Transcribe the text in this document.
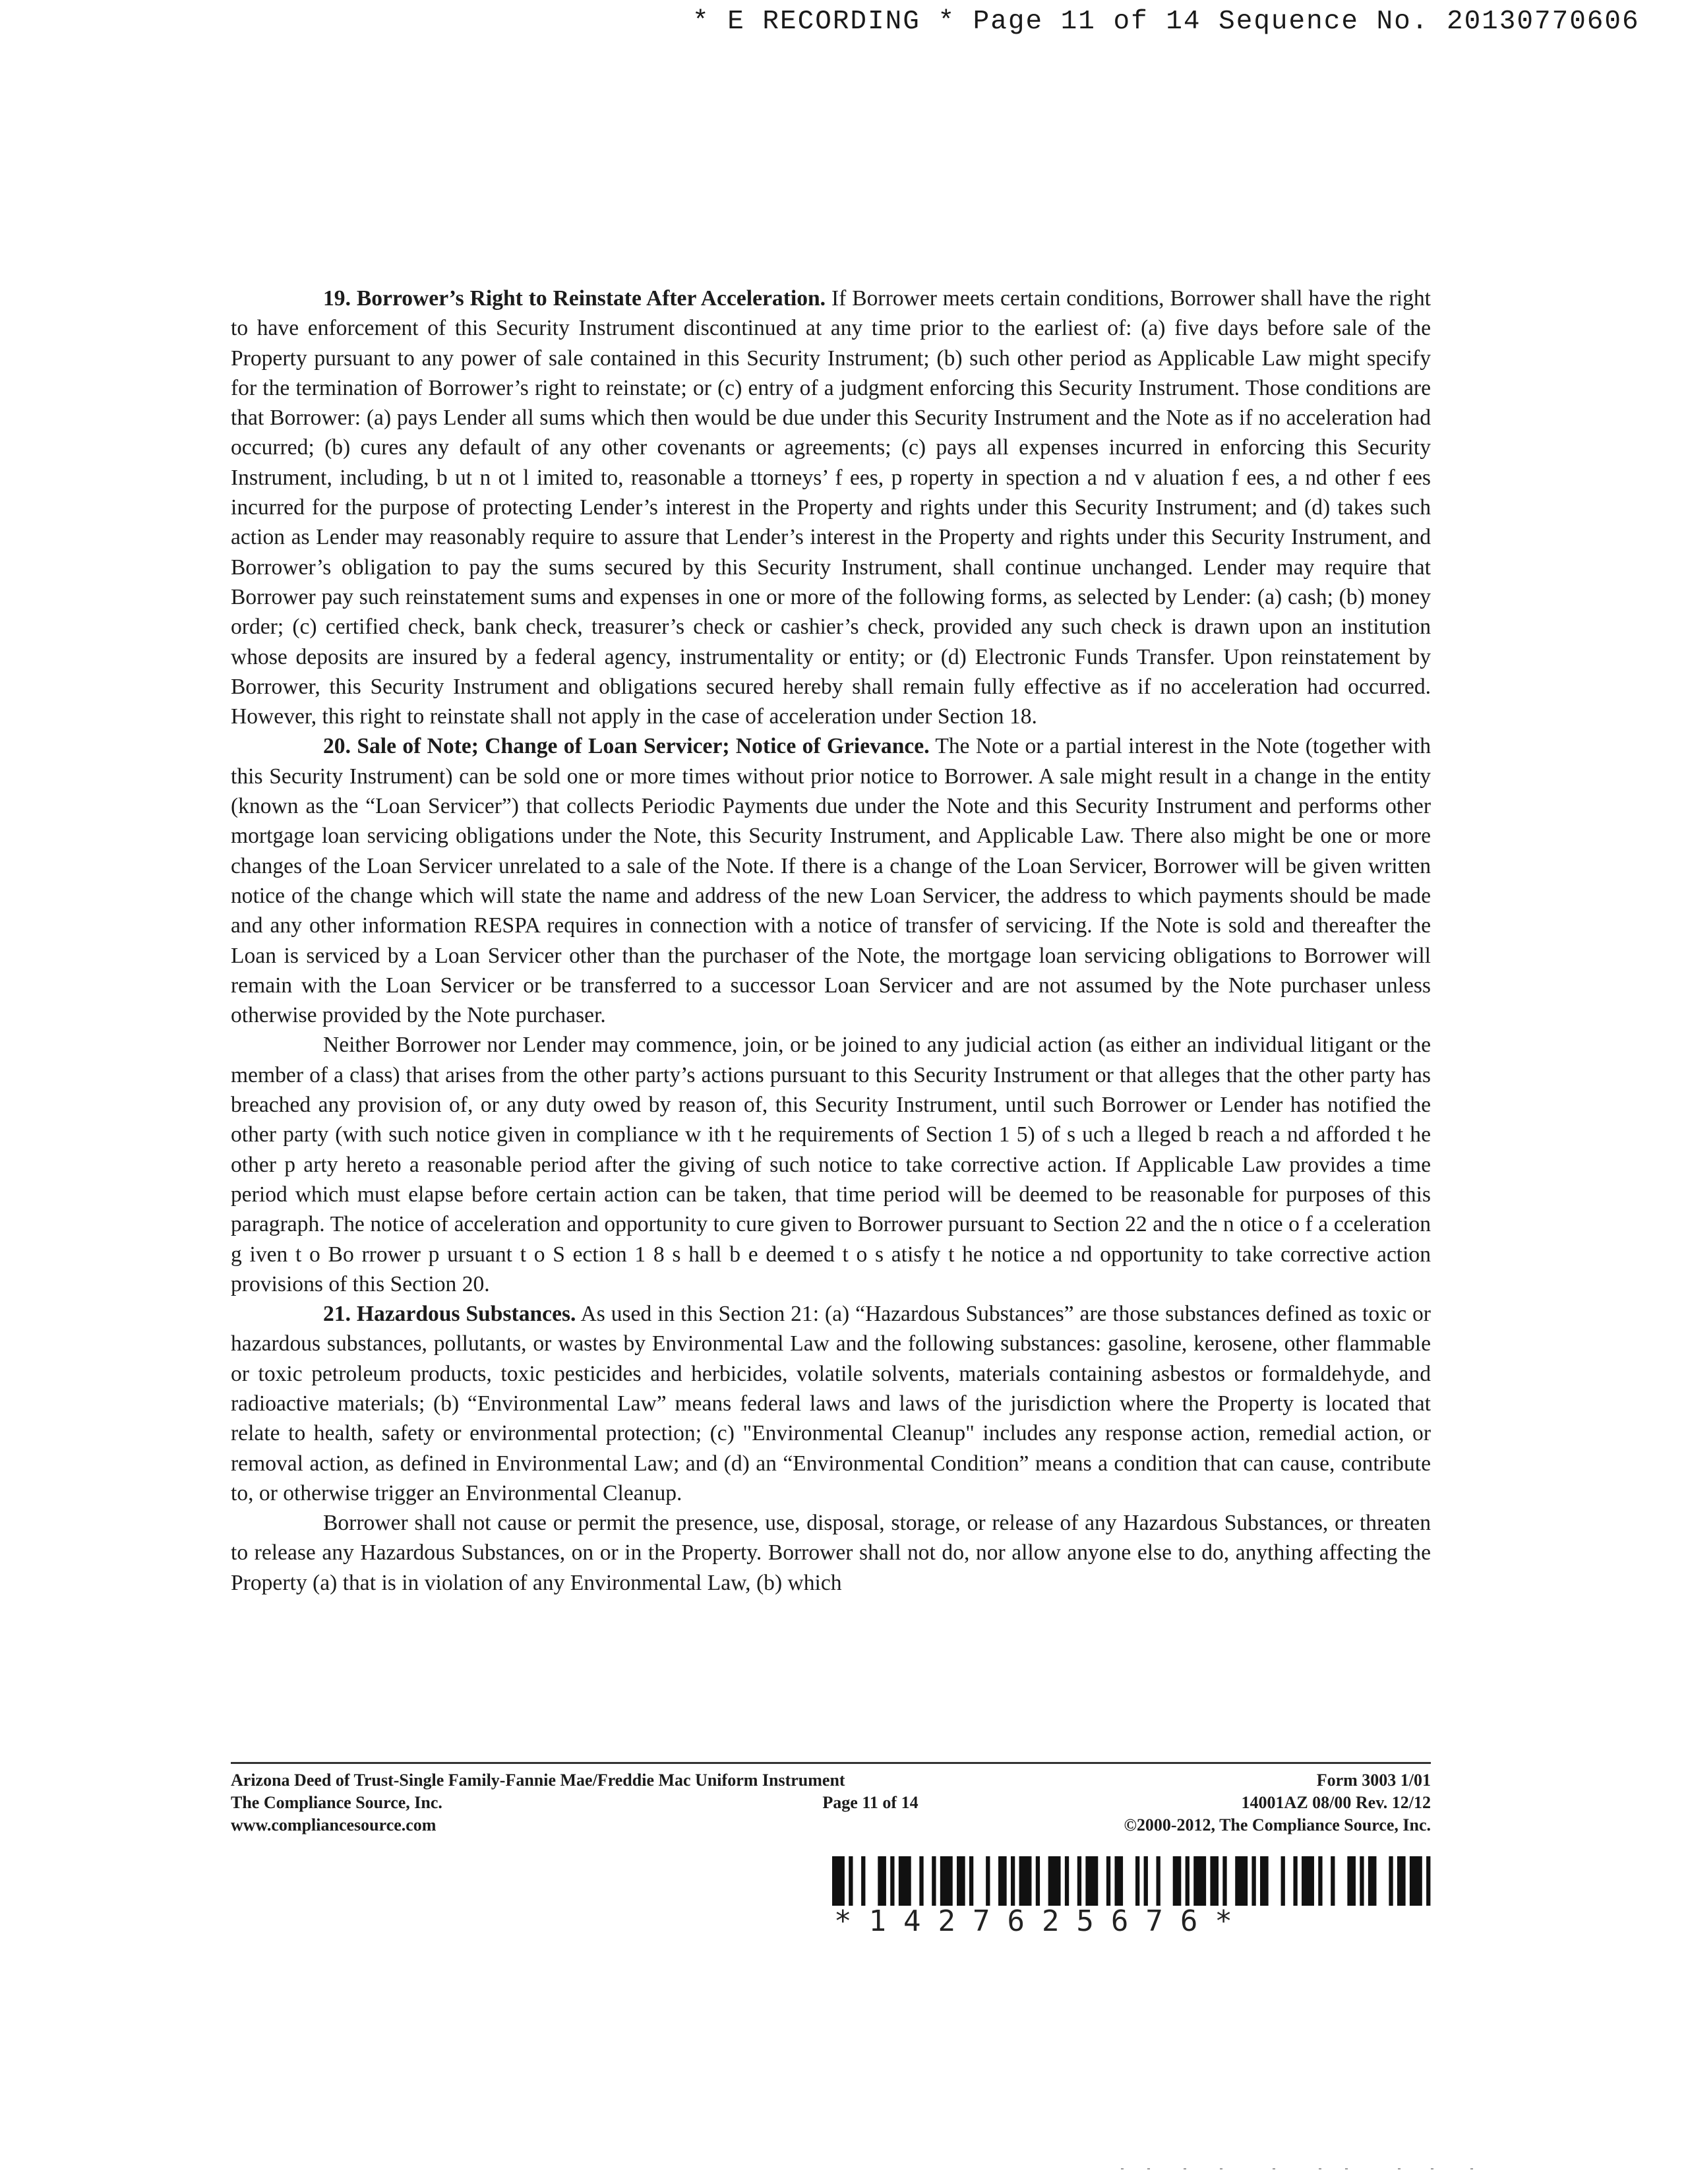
* E RECORDING * Page 11 of 14 Sequence No. 20130770606

19. Borrower’s Right to Reinstate After Acceleration. If Borrower meets certain conditions, Borrower shall have the right to have enforcement of this Security Instrument discontinued at any time prior to the earliest of: (a) five days before sale of the Property pursuant to any power of sale contained in this Security Instrument; (b) such other period as Applicable Law might specify for the termination of Borrower’s right to reinstate; or (c) entry of a judgment enforcing this Security Instrument. Those conditions are that Borrower: (a) pays Lender all sums which then would be due under this Security Instrument and the Note as if no acceleration had occurred; (b) cures any default of any other covenants or agreements; (c) pays all expenses incurred in enforcing this Security Instrument, including, b ut n ot l imited to, reasonable a ttorneys’ f ees, p roperty in spection a nd v aluation f ees, a nd other f ees incurred for the purpose of protecting Lender’s interest in the Property and rights under this Security Instrument; and (d) takes such action as Lender may reasonably require to assure that Lender’s interest in the Property and rights under this Security Instrument, and Borrower’s obligation to pay the sums secured by this Security Instrument, shall continue unchanged. Lender may require that Borrower pay such reinstatement sums and expenses in one or more of the following forms, as selected by Lender: (a) cash; (b) money order; (c) certified check, bank check, treasurer’s check or cashier’s check, provided any such check is drawn upon an institution whose deposits are insured by a federal agency, instrumentality or entity; or (d) Electronic Funds Transfer. Upon reinstatement by Borrower, this Security Instrument and obligations secured hereby shall remain fully effective as if no acceleration had occurred. However, this right to reinstate shall not apply in the case of acceleration under Section 18.

20. Sale of Note; Change of Loan Servicer; Notice of Grievance. The Note or a partial interest in the Note (together with this Security Instrument) can be sold one or more times without prior notice to Borrower. A sale might result in a change in the entity (known as the “Loan Servicer”) that collects Periodic Payments due under the Note and this Security Instrument and performs other mortgage loan servicing obligations under the Note, this Security Instrument, and Applicable Law. There also might be one or more changes of the Loan Servicer unrelated to a sale of the Note. If there is a change of the Loan Servicer, Borrower will be given written notice of the change which will state the name and address of the new Loan Servicer, the address to which payments should be made and any other information RESPA requires in connection with a notice of transfer of servicing. If the Note is sold and thereafter the Loan is serviced by a Loan Servicer other than the purchaser of the Note, the mortgage loan servicing obligations to Borrower will remain with the Loan Servicer or be transferred to a successor Loan Servicer and are not assumed by the Note purchaser unless otherwise provided by the Note purchaser.

Neither Borrower nor Lender may commence, join, or be joined to any judicial action (as either an individual litigant or the member of a class) that arises from the other party’s actions pursuant to this Security Instrument or that alleges that the other party has breached any provision of, or any duty owed by reason of, this Security Instrument, until such Borrower or Lender has notified the other party (with such notice given in compliance w ith t he requirements of Section 1 5) of s uch a lleged b reach a nd afforded t he other p arty hereto a reasonable period after the giving of such notice to take corrective action. If Applicable Law provides a time period which must elapse before certain action can be taken, that time period will be deemed to be reasonable for purposes of this paragraph. The notice of acceleration and opportunity to cure given to Borrower pursuant to Section 22 and the n otice o f a cceleration g iven t o Bo rrower p ursuant t o S ection 1 8 s hall b e deemed t o s atisfy t he notice a nd opportunity to take corrective action provisions of this Section 20.

21. Hazardous Substances. As used in this Section 21: (a) “Hazardous Substances” are those substances defined as toxic or hazardous substances, pollutants, or wastes by Environmental Law and the following substances: gasoline, kerosene, other flammable or toxic petroleum products, toxic pesticides and herbicides, volatile solvents, materials containing asbestos or formaldehyde, and radioactive materials; (b) “Environmental Law” means federal laws and laws of the jurisdiction where the Property is located that relate to health, safety or environmental protection; (c) "Environmental Cleanup" includes any response action, remedial action, or removal action, as defined in Environmental Law; and (d) an “Environmental Condition” means a condition that can cause, contribute to, or otherwise trigger an Environmental Cleanup.

Borrower shall not cause or permit the presence, use, disposal, storage, or release of any Hazardous Substances, or threaten to release any Hazardous Substances, on or in the Property. Borrower shall not do, nor allow anyone else to do, anything affecting the Property (a) that is in violation of any Environmental Law, (b) which

Arizona Deed of Trust-Single Family-Fannie Mae/Freddie Mac Uniform Instrument	Form 3003 1/01
The Compliance Source, Inc.	Page 11 of 14	14001AZ 08/00 Rev. 12/12
www.compliancesource.com	©2000-2012, The Compliance Source, Inc.
*1427625676*
